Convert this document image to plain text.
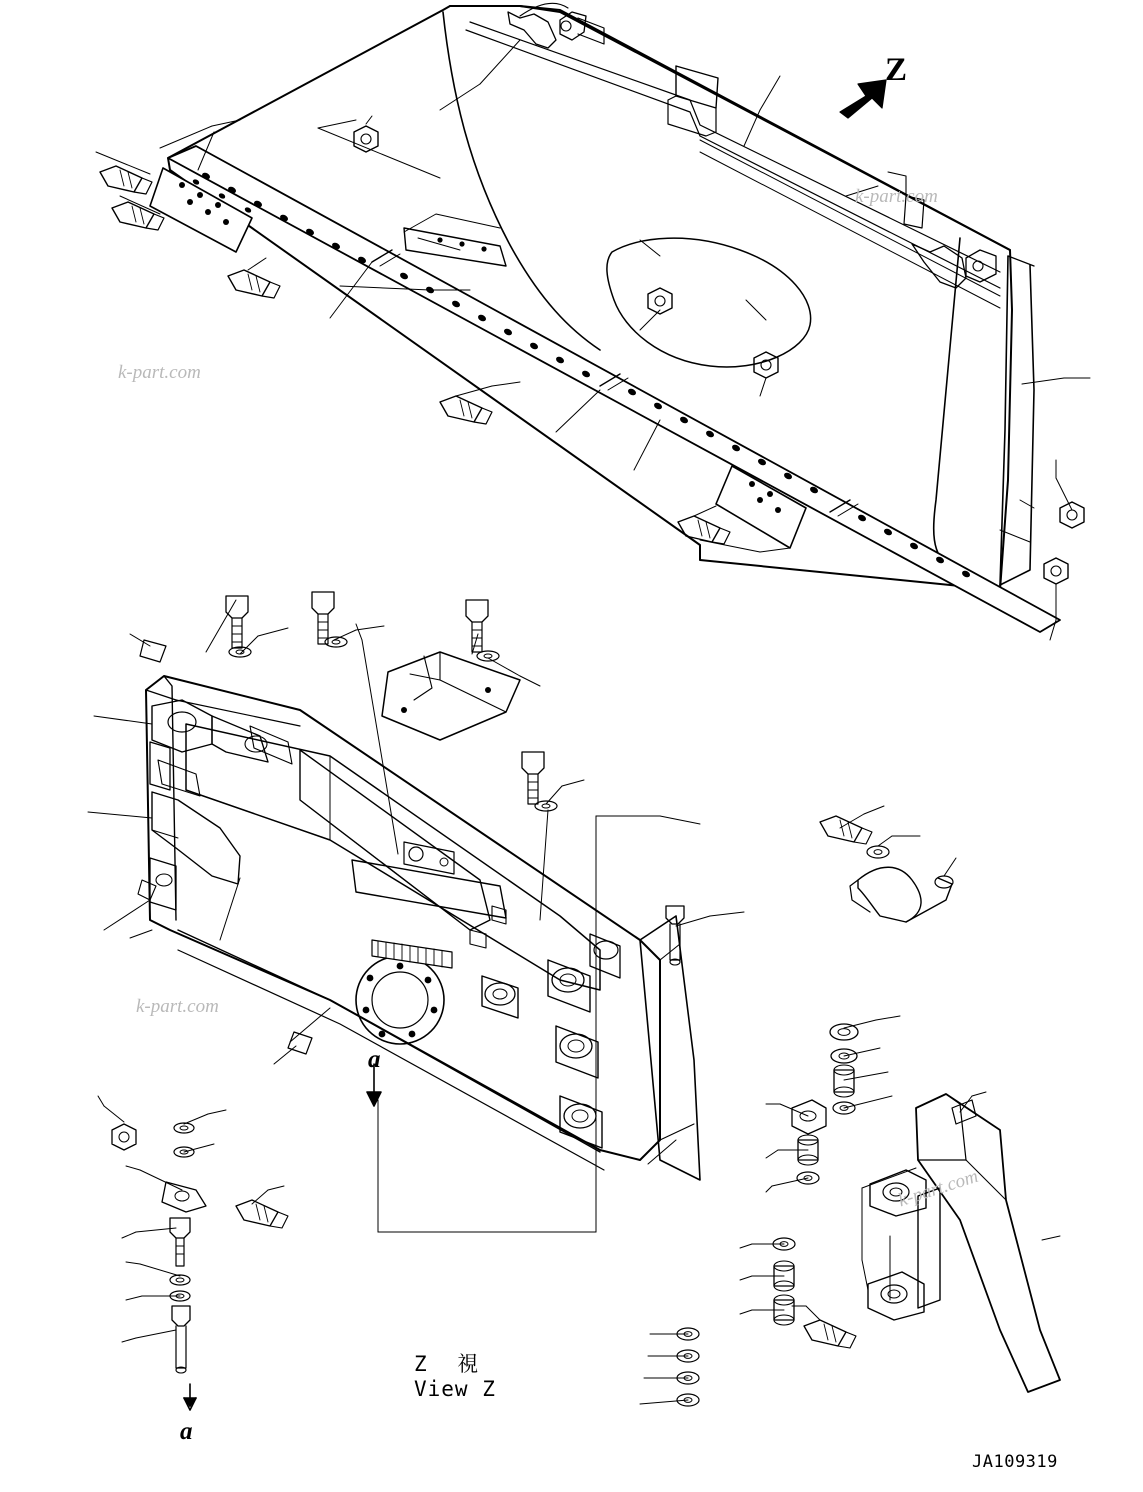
k-part.com
k-part.com
k-part.com
k-part.com
Z
Z 視
View Z
a
a
JA109319
